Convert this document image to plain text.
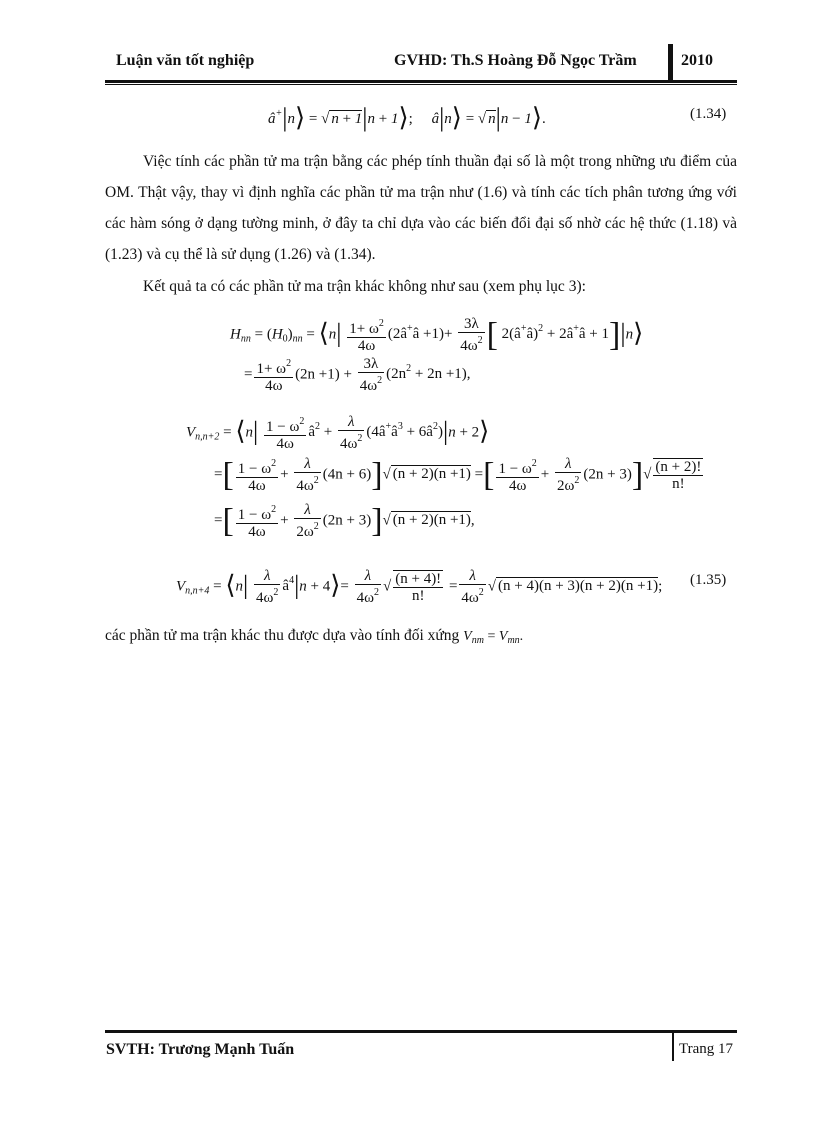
Luận văn tốt nghiệp	GVHD: Th.S Hoàng Đỗ Ngọc Trầm	2010
â+|n⟩ = √ n + 1|n + 1⟩;     â|n⟩ = √ n|n − 1⟩.	(1.34)
Việc tính các phần tử ma trận bằng các phép tính thuần đại số là một trong những ưu điểm của OM. Thật vậy, thay vì định nghĩa các phần tử ma trận như (1.6) và tính các tích phân tương ứng với các hàm sóng ở dạng tường minh, ở đây ta chỉ dựa vào các biến đổi đại số nhờ các hệ thức (1.18) và (1.23) và cụ thể là sử dụng (1.26) và (1.34).
Kết quả ta có các phần tử ma trận khác không như sau (xem phụ lục 3):
$H_{nn} = (H_0)_{nn}$ = ⟨n| $\frac{1+ \omega^2}{4\omega}$ (2â+â $+1)+ \frac{3\lambda}{4\omega^2}$ [ 2(â+â)$^2$ + 2â+â + 1]|n⟩
= $\frac{1+ \omega^2}{4\omega} (2n +1) + \frac{3\lambda}{4\omega^2} (2n^2 + 2n +1)$,
$V_{n,n+2}$ = ⟨n| $\frac{1 - \omega^2}{4\omega}$ $â^2 + \frac{\lambda}{4\omega^2}$ ($4â^+â^3$ + $6â^2)|n$ + 2⟩
=[ $\frac{1 - \omega^2}{4\omega} + \frac{\lambda}{4\omega^2} (4n + 6)]√$ (n + 2)(n +1) =[ $\frac{1 - \omega^2}{4\omega} + \frac{\lambda}{2\omega^2} (2n + 3)]√ \frac{(n + 2)!}{n!}$
=[ $\frac{1 - \omega^2}{4\omega} + \frac{\lambda}{2\omega^2} (2n + 3)]√$ (n + 2)(n +1),
$V_{n,n+4}$ = ⟨n| $\frac{\lambda}{4\omega^2}$ $â^4|n$ + 4⟩= $\frac{\lambda}{4\omega^2}$ √ $\frac{(n + 4)!}{n!} = \frac{\lambda}{4\omega^2}$ √ (n + 4)(n + 3)(n + 2)(n +1); (1.35)
các phần tử ma trận khác thu được dựa vào tính đối xứng $V_{nm} = V_{mn}$.
SVTH: Trương Mạnh Tuấn	Trang 17
